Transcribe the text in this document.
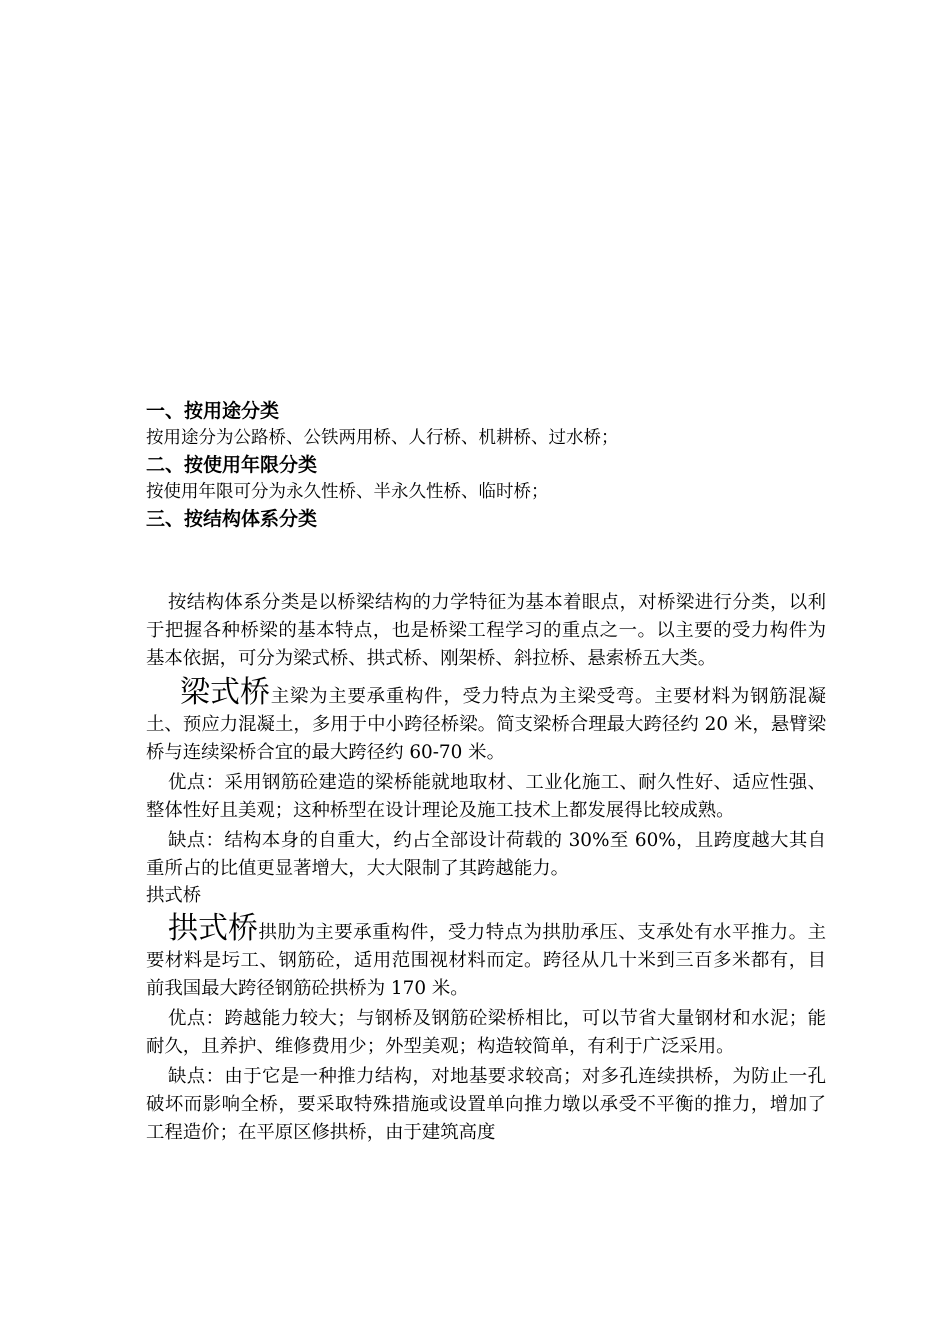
一、按用途分类
按用途分为公路桥、公铁两用桥、人行桥、机耕桥、过水桥；
二、按使用年限分类
按使用年限可分为永久性桥、半永久性桥、临时桥；
三、按结构体系分类

按结构体系分类是以桥梁结构的力学特征为基本着眼点，对桥梁进行分类，以利于把握各种桥梁的基本特点，也是桥梁工程学习的重点之一。以主要的受力构件为基本依据，可分为梁式桥、拱式桥、刚架桥、斜拉桥、悬索桥五大类。

梁式桥主梁为主要承重构件，受力特点为主梁受弯。主要材料为钢筋混凝土、预应力混凝土，多用于中小跨径桥梁。简支梁桥合理最大跨径约 20 米，悬臂梁桥与连续梁桥合宜的最大跨径约 60-70 米。

优点：采用钢筋砼建造的梁桥能就地取材、工业化施工、耐久性好、适应性强、整体性好且美观；这种桥型在设计理论及施工技术上都发展得比较成熟。

缺点：结构本身的自重大，约占全部设计荷载的 30%至 60%，且跨度越大其自重所占的比值更显著增大，大大限制了其跨越能力。

拱式桥

拱式桥拱肋为主要承重构件，受力特点为拱肋承压、支承处有水平推力。主要材料是圬工、钢筋砼，适用范围视材料而定。跨径从几十米到三百多米都有，目前我国最大跨径钢筋砼拱桥为 170 米。

优点：跨越能力较大；与钢桥及钢筋砼梁桥相比，可以节省大量钢材和水泥；能耐久，且养护、维修费用少；外型美观；构造较简单，有利于广泛采用。

缺点：由于它是一种推力结构，对地基要求较高；对多孔连续拱桥，为防止一孔破坏而影响全桥，要采取特殊措施或设置单向推力墩以承受不平衡的推力，增加了工程造价；在平原区修拱桥，由于建筑高度
